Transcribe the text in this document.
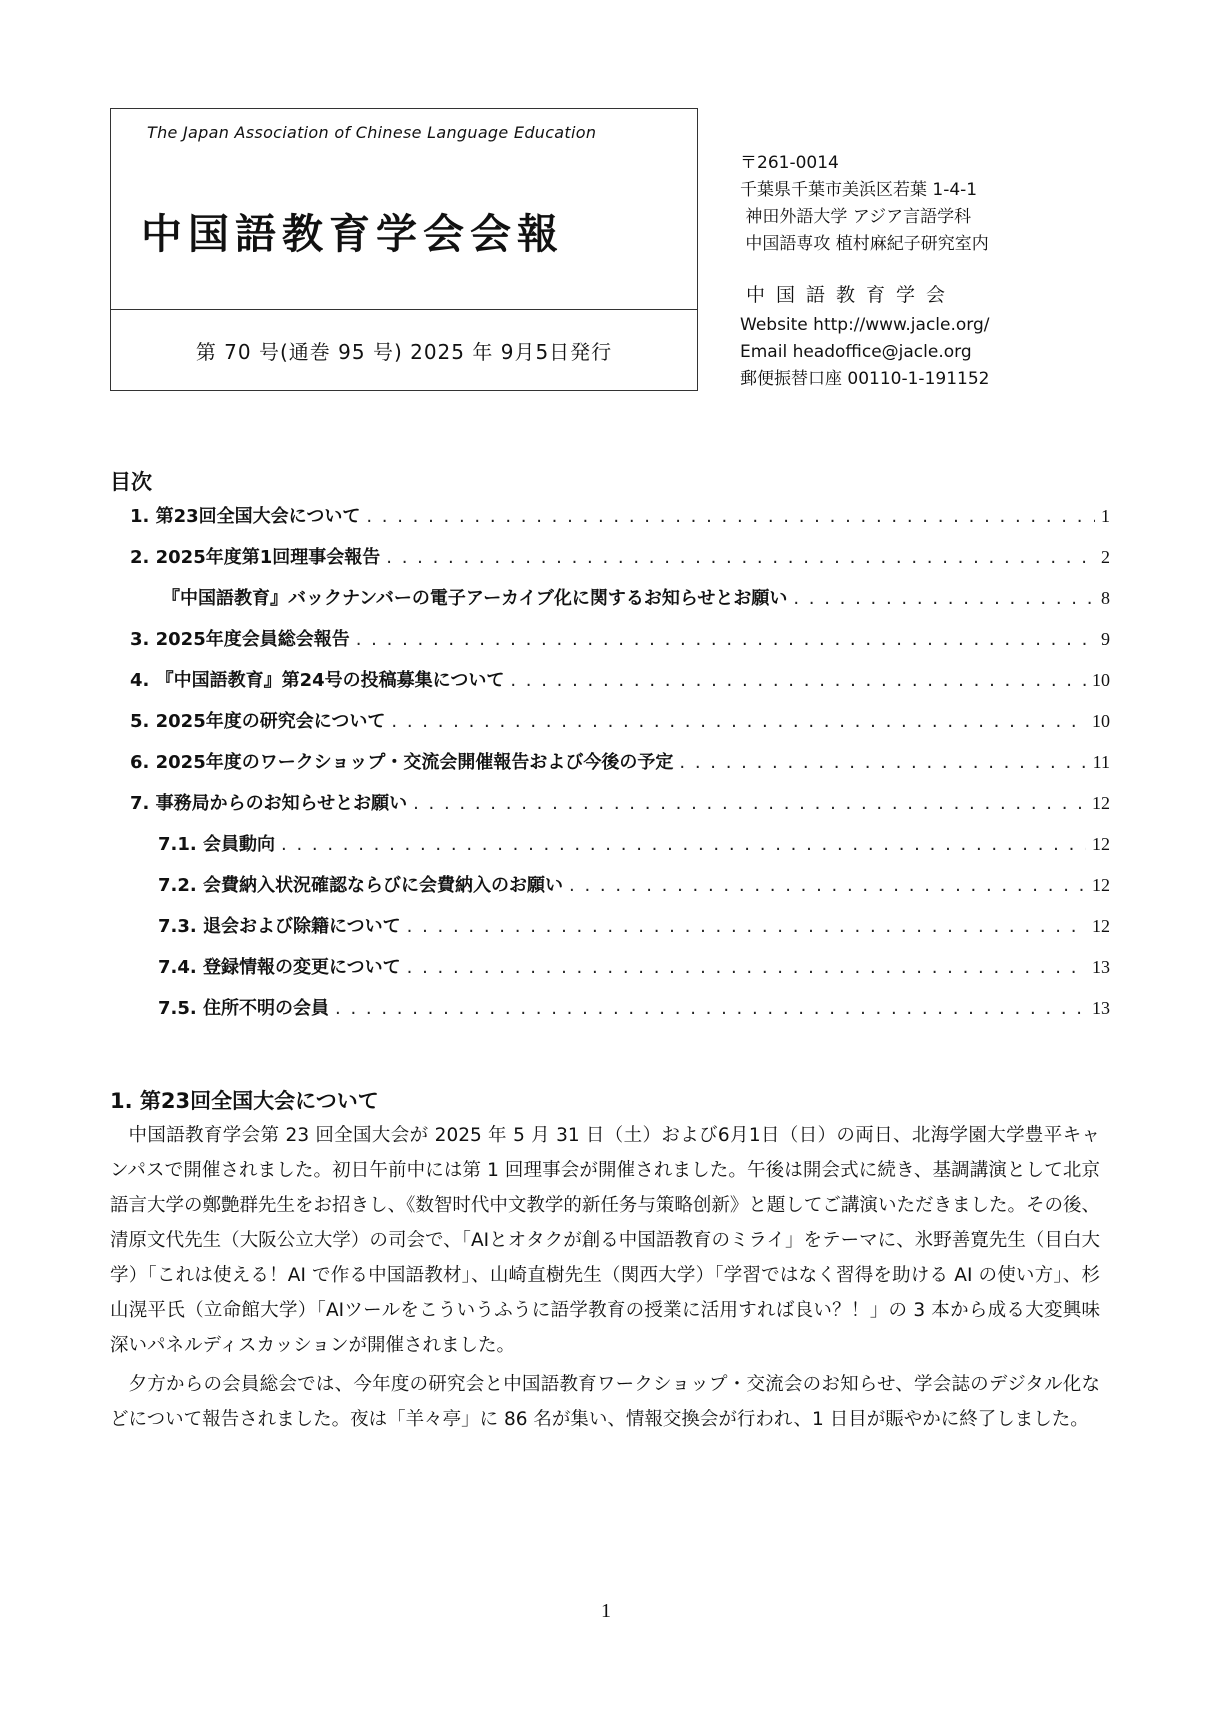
The Japan Association of Chinese Language Education
中国語教育学会会報
第 70 号(通巻 95 号) 2025 年 9月5日発行
〒261-0014
千葉県千葉市美浜区若葉 1-4-1
神田外語大学 アジア言語学科
中国語専攻 植村麻紀子研究室内
中国語教育学会
Website http://www.jacle.org/
Email headoffice@jacle.org
郵便振替口座 00110-1-191152
目次
1. 第23回全国大会について . . .	1
2. 2025年度第1回理事会報告 . . .	2
『中国語教育』バックナンバーの電子アーカイブ化に関するお知らせとお願い . . .	8
3. 2025年度会員総会報告 . . .	9
4. 『中国語教育』第24号の投稿募集について . . .	10
5. 2025年度の研究会について . . .	10
6. 2025年度のワークショップ・交流会開催報告および今後の予定 . . .	11
7. 事務局からのお知らせとお願い . . .	12
7.1. 会員動向 . . .	12
7.2. 会費納入状況確認ならびに会費納入のお願い . . .	12
7.3. 退会および除籍について . . .	12
7.4. 登録情報の変更について . . .	13
7.5. 住所不明の会員 . . .	13
1. 第23回全国大会について

中国語教育学会第 23 回全国大会が 2025 年 5 月 31 日（土）および6月1日（日）の両日、北海学園大学豊平キャンパスで開催されました。初日午前中には第 1 回理事会が開催されました。午後は開会式に続き、基調講演として北京語言大学の鄭艶群先生をお招きし、《数智时代中文教学的新任务与策略创新》と題してご講演いただきました。その後、清原文代先生（大阪公立大学）の司会で、「AIとオタクが創る中国語教育のミライ」をテーマに、氷野善寛先生（目白大学）「これは使える！AI で作る中国語教材」、山崎直樹先生（関西大学）「学習ではなく習得を助ける AI の使い方」、杉山滉平氏（立命館大学）「AIツールをこういうふうに語学教育の授業に活用すれば良い？！」の 3 本から成る大変興味深いパネルディスカッションが開催されました。

夕方からの会員総会では、今年度の研究会と中国語教育ワークショップ・交流会のお知らせ、学会誌のデジタル化などについて報告されました。夜は「羊々亭」に 86 名が集い、情報交換会が行われ、1 日目が賑やかに終了しました。

1
